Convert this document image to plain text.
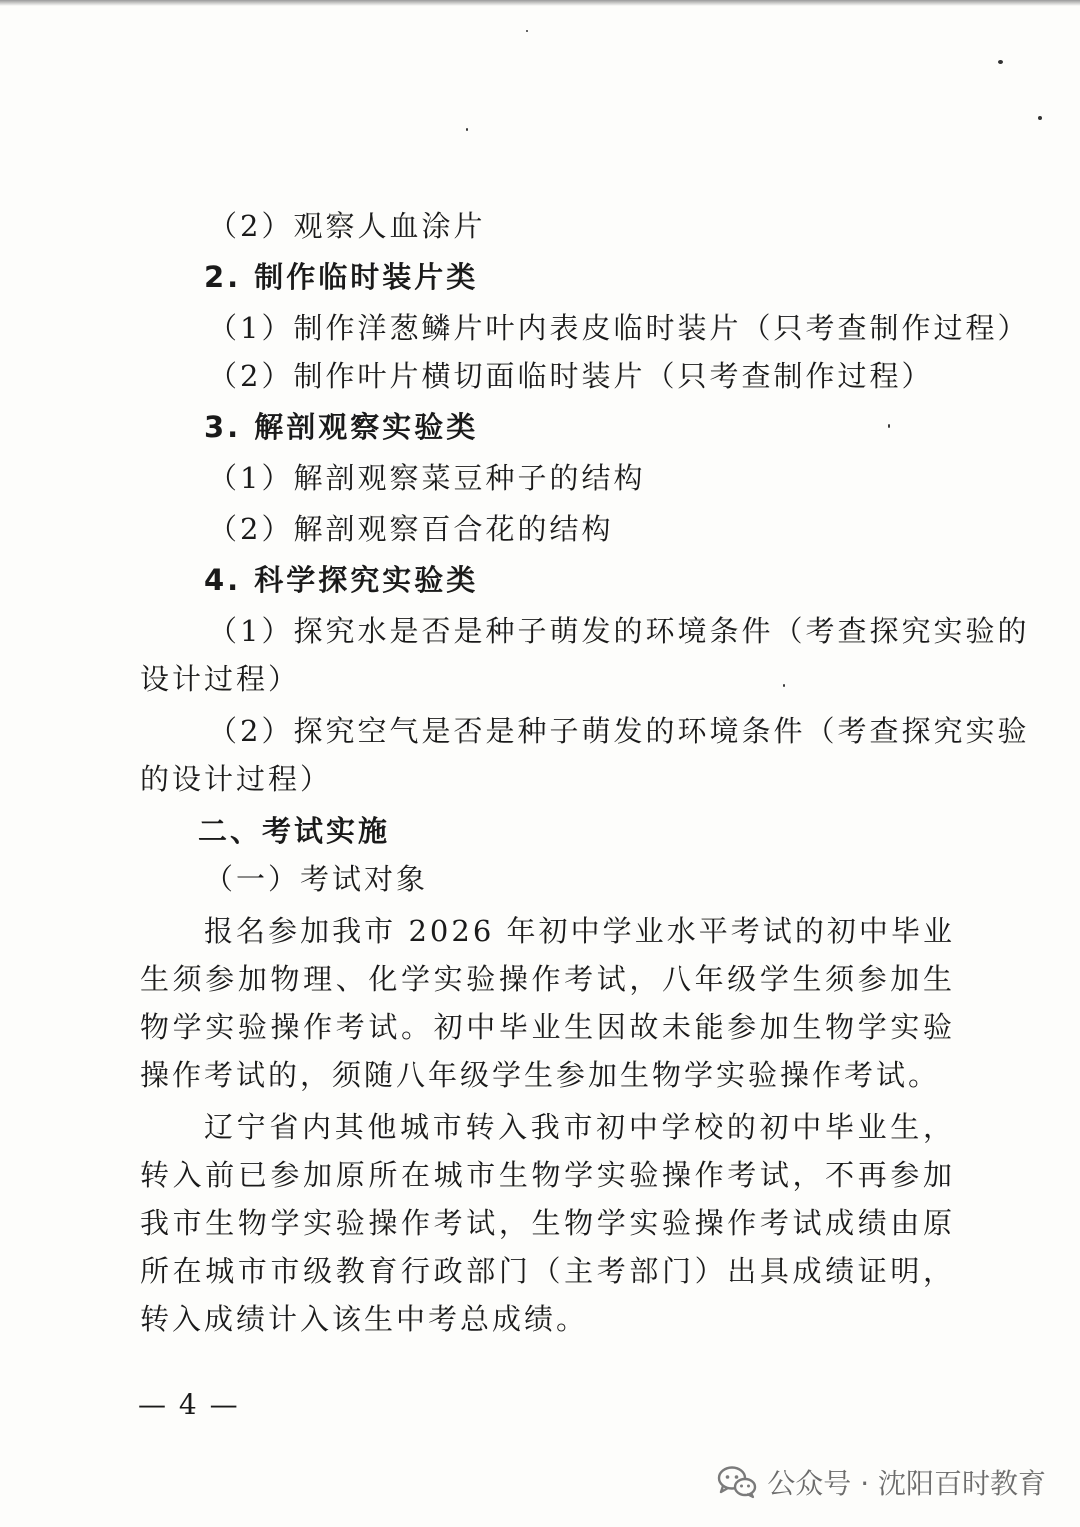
（2）观察人血涂片
2. 制作临时装片类
（1）制作洋葱鳞片叶内表皮临时装片（只考查制作过程）
（2）制作叶片横切面临时装片（只考查制作过程）
3. 解剖观察实验类
（1）解剖观察菜豆种子的结构
（2）解剖观察百合花的结构
4. 科学探究实验类
（1）探究水是否是种子萌发的环境条件（考查探究实验的
设计过程）
（2）探究空气是否是种子萌发的环境条件（考查探究实验
的设计过程）
二、考试实施
（一）考试对象

报名参加我市 2026 年初中学业水平考试的初中毕业生须参加物理、化学实验操作考试，八年级学生须参加生物学实验操作考试。初中毕业生因故未能参加生物学实验操作考试的，须随八年级学生参加生物学实验操作考试。

辽宁省内其他城市转入我市初中学校的初中毕业生，转入前已参加原所在城市生物学实验操作考试，不再参加我市生物学实验操作考试，生物学实验操作考试成绩由原所在城市市级教育行政部门（主考部门）出具成绩证明，转入成绩计入该生中考总成绩。

— 4 —
公众号 · 沈阳百时教育
